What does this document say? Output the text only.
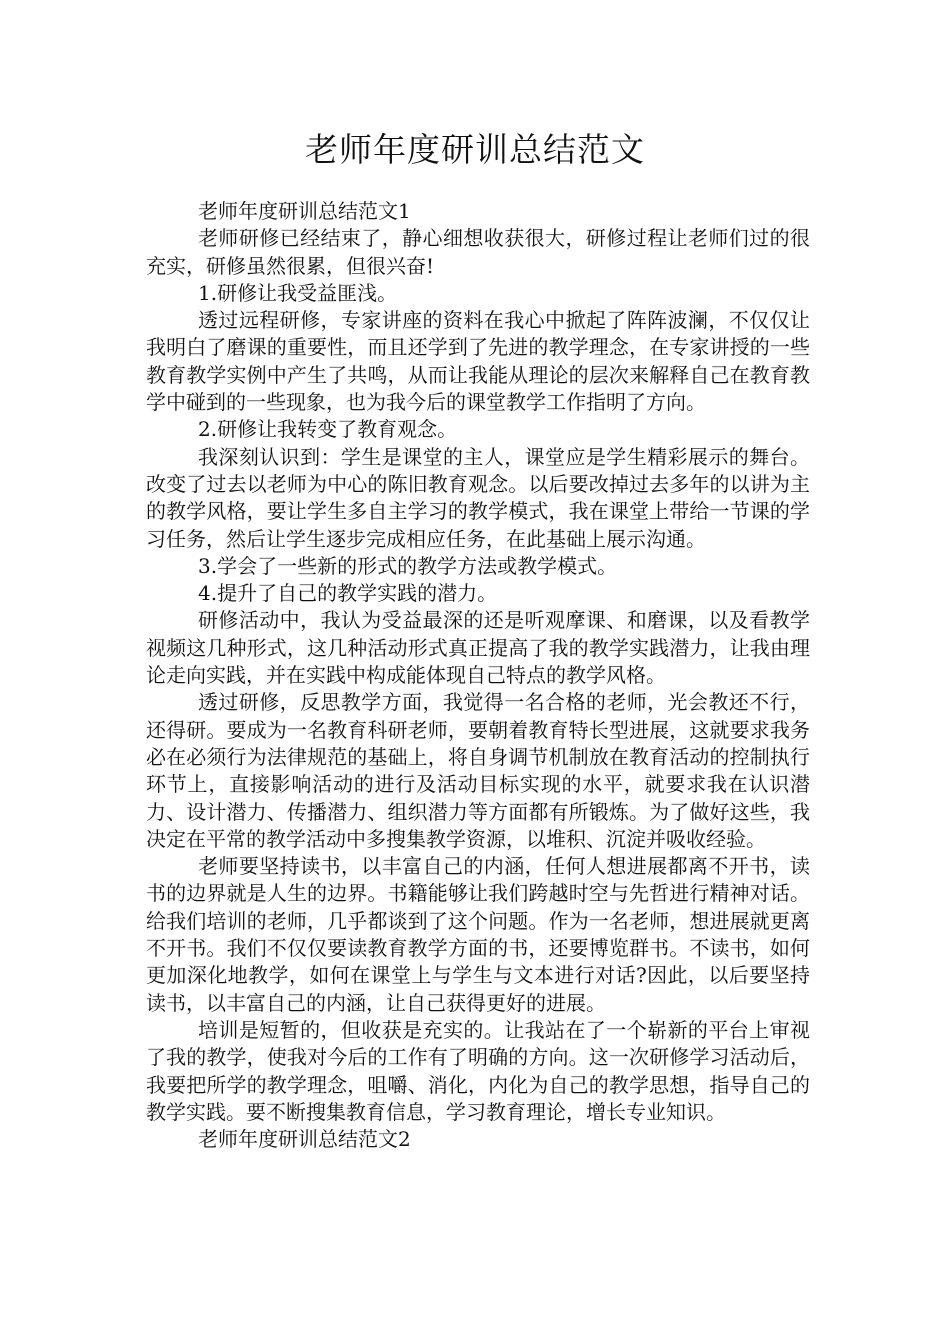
老师年度研训总结范文

老师年度研训总结范文1

老师研修已经结束了，静心细想收获很大，研修过程让老师们过的很充实，研修虽然很累，但很兴奋!

1.研修让我受益匪浅。

透过远程研修，专家讲座的资料在我心中掀起了阵阵波澜，不仅仅让我明白了磨课的重要性，而且还学到了先进的教学理念，在专家讲授的一些教育教学实例中产生了共鸣，从而让我能从理论的层次来解释自己在教育教学中碰到的一些现象，也为我今后的课堂教学工作指明了方向。

2.研修让我转变了教育观念。

我深刻认识到：学生是课堂的主人，课堂应是学生精彩展示的舞台。改变了过去以老师为中心的陈旧教育观念。以后要改掉过去多年的以讲为主的教学风格，要让学生多自主学习的教学模式，我在课堂上带给一节课的学习任务，然后让学生逐步完成相应任务，在此基础上展示沟通。

3.学会了一些新的形式的教学方法或教学模式。

4.提升了自己的教学实践的潜力。

研修活动中，我认为受益最深的还是听观摩课、和磨课，以及看教学视频这几种形式，这几种活动形式真正提高了我的教学实践潜力，让我由理论走向实践，并在实践中构成能体现自己特点的教学风格。

透过研修，反思教学方面，我觉得一名合格的老师，光会教还不行，还得研。要成为一名教育科研老师，要朝着教育特长型进展，这就要求我务必在必须行为法律规范的基础上，将自身调节机制放在教育活动的控制执行环节上，直接影响活动的进行及活动目标实现的水平，就要求我在认识潜力、设计潜力、传播潜力、组织潜力等方面都有所锻炼。为了做好这些，我决定在平常的教学活动中多搜集教学资源，以堆积、沉淀并吸收经验。

老师要坚持读书，以丰富自己的内涵，任何人想进展都离不开书，读书的边界就是人生的边界。书籍能够让我们跨越时空与先哲进行精神对话。给我们培训的老师，几乎都谈到了这个问题。作为一名老师，想进展就更离不开书。我们不仅仅要读教育教学方面的书，还要博览群书。不读书，如何更加深化地教学，如何在课堂上与学生与文本进行对话?因此，以后要坚持读书，以丰富自己的内涵，让自己获得更好的进展。

培训是短暂的，但收获是充实的。让我站在了一个崭新的平台上审视了我的教学，使我对今后的工作有了明确的方向。这一次研修学习活动后，我要把所学的教学理念，咀嚼、消化，内化为自己的教学思想，指导自己的教学实践。要不断搜集教育信息，学习教育理论，增长专业知识。

老师年度研训总结范文2
